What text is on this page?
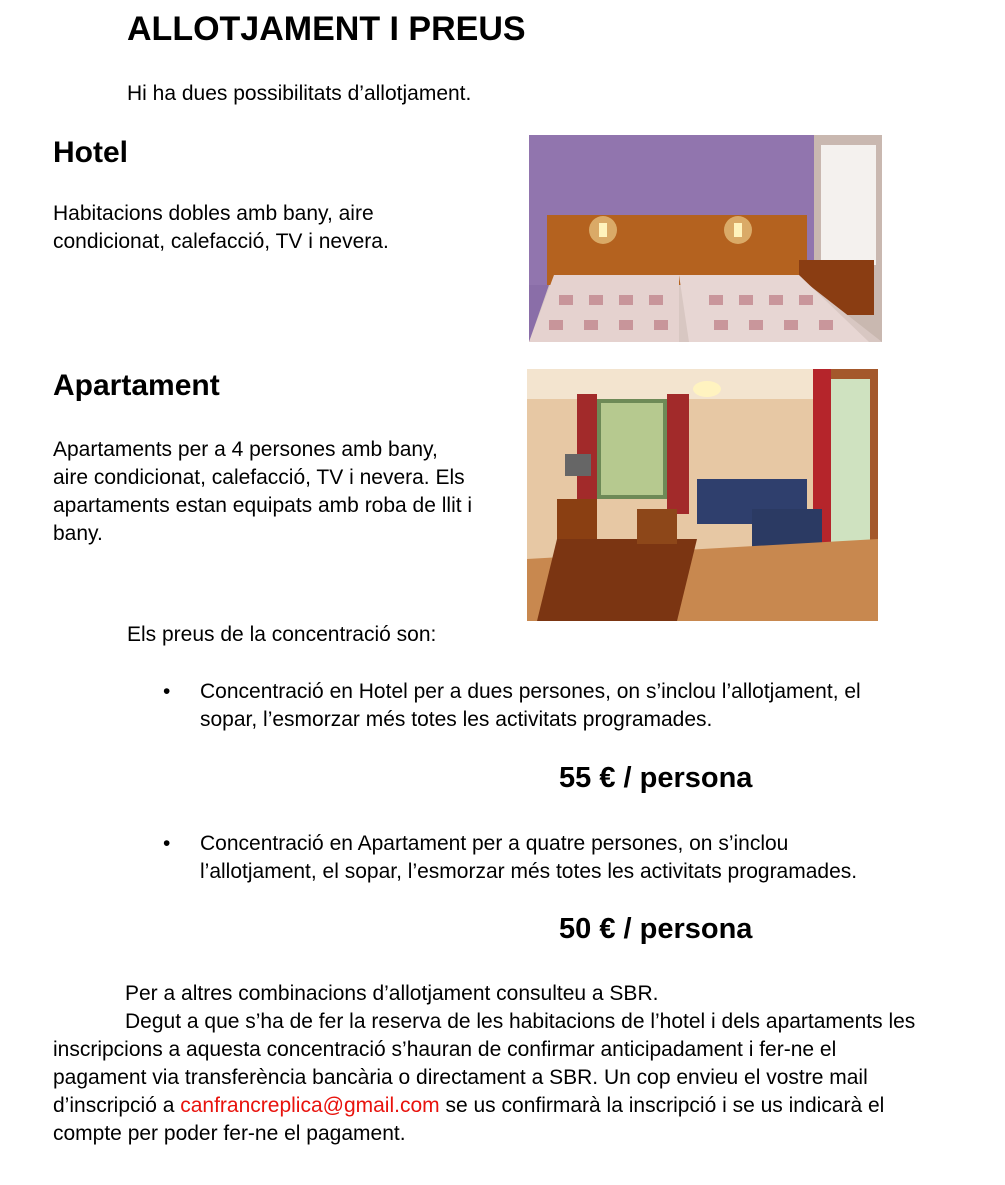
ALLOTJAMENT I PREUS
Hi ha dues possibilitats d’allotjament.
Hotel
Habitacions dobles amb bany, aire condicionat, calefacció, TV i nevera.
Apartament
Apartaments per a 4 persones amb bany, aire condicionat, calefacció, TV i nevera. Els apartaments estan equipats amb roba de llit i bany.
Els preus de la concentració son:
• Concentració en Hotel per a dues persones, on s’inclou l’allotjament, el sopar, l’esmorzar més totes les activitats programades.
55 € / persona
• Concentració en Apartament per a quatre persones, on s’inclou l’allotjament, el sopar, l’esmorzar més totes les activitats programades.
50 € / persona
Per a altres combinacions d’allotjament consulteu a SBR.
Degut a que s’ha de fer la reserva de les habitacions de l’hotel i dels apartaments les inscripcions a aquesta concentració s’hauran de confirmar anticipadament i fer-ne el pagament via transferència bancària o directament a SBR. Un cop envieu el vostre mail d’inscripció a canfrancreplica@gmail.com se us confirmarà la inscripció i se us indicarà el compte per poder fer-ne el pagament.
